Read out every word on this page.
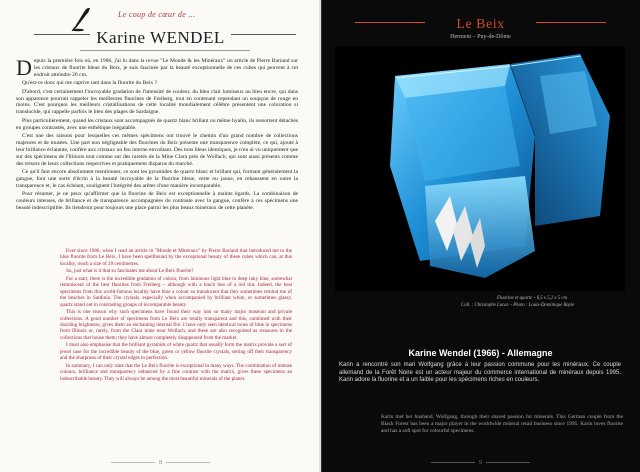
Le coup de cœur de ...
Karine WENDEL

Depuis la première fois où, en 1986, j'ai lu dans la revue "Le Monde & les Minéraux" un article de Pierre Bariand sur les cristaux de fluorite bleue du Beix, je suis fascinée par la beauté exceptionnelle de ces cubes qui peuvent à cet endroit atteindre 20 cm.

Qu'est-ce donc qui me captive tant dans la fluorite du Beix ?

D'abord, c'est certainement l'incroyable gradation de l'intensité de couleur, du bleu clair lumineux au bleu encre, qui dans son apparence pourrait rappeler les meilleures fluorines de Freiberg, tout en contenant cependant un soupçon de rouge en moins. C'est pourquoi les meilleurs cristallisations de cette localité mondialement célèbre présentent une coloration si translucide, qui rappelle parfois le bleu des plages de Sardaigne.

Plus particulièrement, quand les cristaux sont accompagnés de quartz blanc brillant ou même hyalin, ils ressortent détachés en groupes contrastés, avec une esthétique inégalable.

C'est une des raisons pour lesquelles ces mêmes spécimens ont trouvé le chemin d'un grand nombre de collections majeures et de musées. Une part non négligeable des fluorines du Beix présente une transparence complète, ce qui, ajouté à leur brillance éclatante, confère aux cristaux un feu interne envoûtant. Des tons bleus identiques, je n'en ai vu uniquement que sur des spécimens de l'Illinois tout comme sur des raretés de la Mine Clara près de Wolfach, qui sont aussi présents comme des trésors de leurs collections respectives et pratiquement disparus du marché.

Ce qu'il faut encore absolument mentionner, ce sont les pyramides de quartz blanc et brillant qui, formant généralement la gangue, font une sorte d'écrin à la beauté incroyable de la fluorine bleue, verte ou jaune, en rehaussent en outre la transparence et, le cas échéant, soulignent l'intégrité des arêtes d'une manière incomparable.

Pour résumer, je ne peux qu'affirmer que la fluorine de Beix est exceptionnelle à maints égards. La combinaison de couleurs intenses, de brillance et de transparence accompagnées du contraste avec la gangue, confère à ces spécimens une beauté indescriptible. Ils tiendront pour toujours une place parmi les plus beaux minéraux de cette planète.

Ever since 1986, when I read an article in "Monde et Minéraux" by Pierre Bariand that introduced me to the blue fluorite from Le Beix, I have been spellbound by the exceptional beauty of these cubes which can, at this locality, reach a size of 20 centimetres.

So, just what is it that so fascinates me about Le Beix fluorite?

For a start, there is the incredible gradation of colour, from luminous light blue to deep inky blue, somewhat reminiscent of the best fluorites from Freiberg – although with a touch less of a red tint. Indeed, the best specimens from this world-famous locality have blue a colour so translucent that they sometimes remind me of the beaches in Sardinia. The crystals, especially when accompanied by brilliant white, or sometimes glassy, quartz stand out in contrasting groups of incomparable beauty.

This is one reason why such specimens have found their way into so many major museum and private collections. A good number of specimens from Le Beix are totally transparent and this, combined with their dazzling brightness, gives them an enchanting internal fire. I have only seen identical tones of blue in specimens from Illinois or, rarely, from the Clara mine near Wolfach, and these are also recognised as treasures in the collections that house them; they have almost completely disappeared from the market.

I must also emphasise that the brilliant pyramids of white quartz that usually form the matrix provide a sort of jewel case for the incredible beauty of the blue, green or yellow fluorite crystals, setting off their transparency and the sharpness of their crystal edges to perfection.

In summary, I can only state that the Le Beix fluorite is exceptional in many ways. The combination of intense colours, brilliance and transparency enhanced by a fine contrast with the matrix, gives these specimens an indescribable beauty. They will always be among the most beautiful minerals of the planet.

8
Le Beix
Herment – Puy-de-Dôme
Fluorine et quartz – 6,5 x 5,2 x 5 cm
Coll. : Christophe Lucas – Photo : Louis-Dominique Bayle
Karine Wendel (1966) - Allemagne
Karin a rencontré son mari Wolfgang grâce à leur passion commune pour les minéraux. Ce couple allemand de la Forêt Noire est un acteur majeur du commerce international de minéraux depuis 1995. Karin adore la fluorine et a un faible pour les spécimens riches en couleurs.
Karin met her husband, Wolfgang, through their shared passion for minerals. This German couple from the Black Forest has been a major player in the worldwide mineral retail business since 1995. Karin loves fluorite and has a soft spot for colourful specimens.
9
